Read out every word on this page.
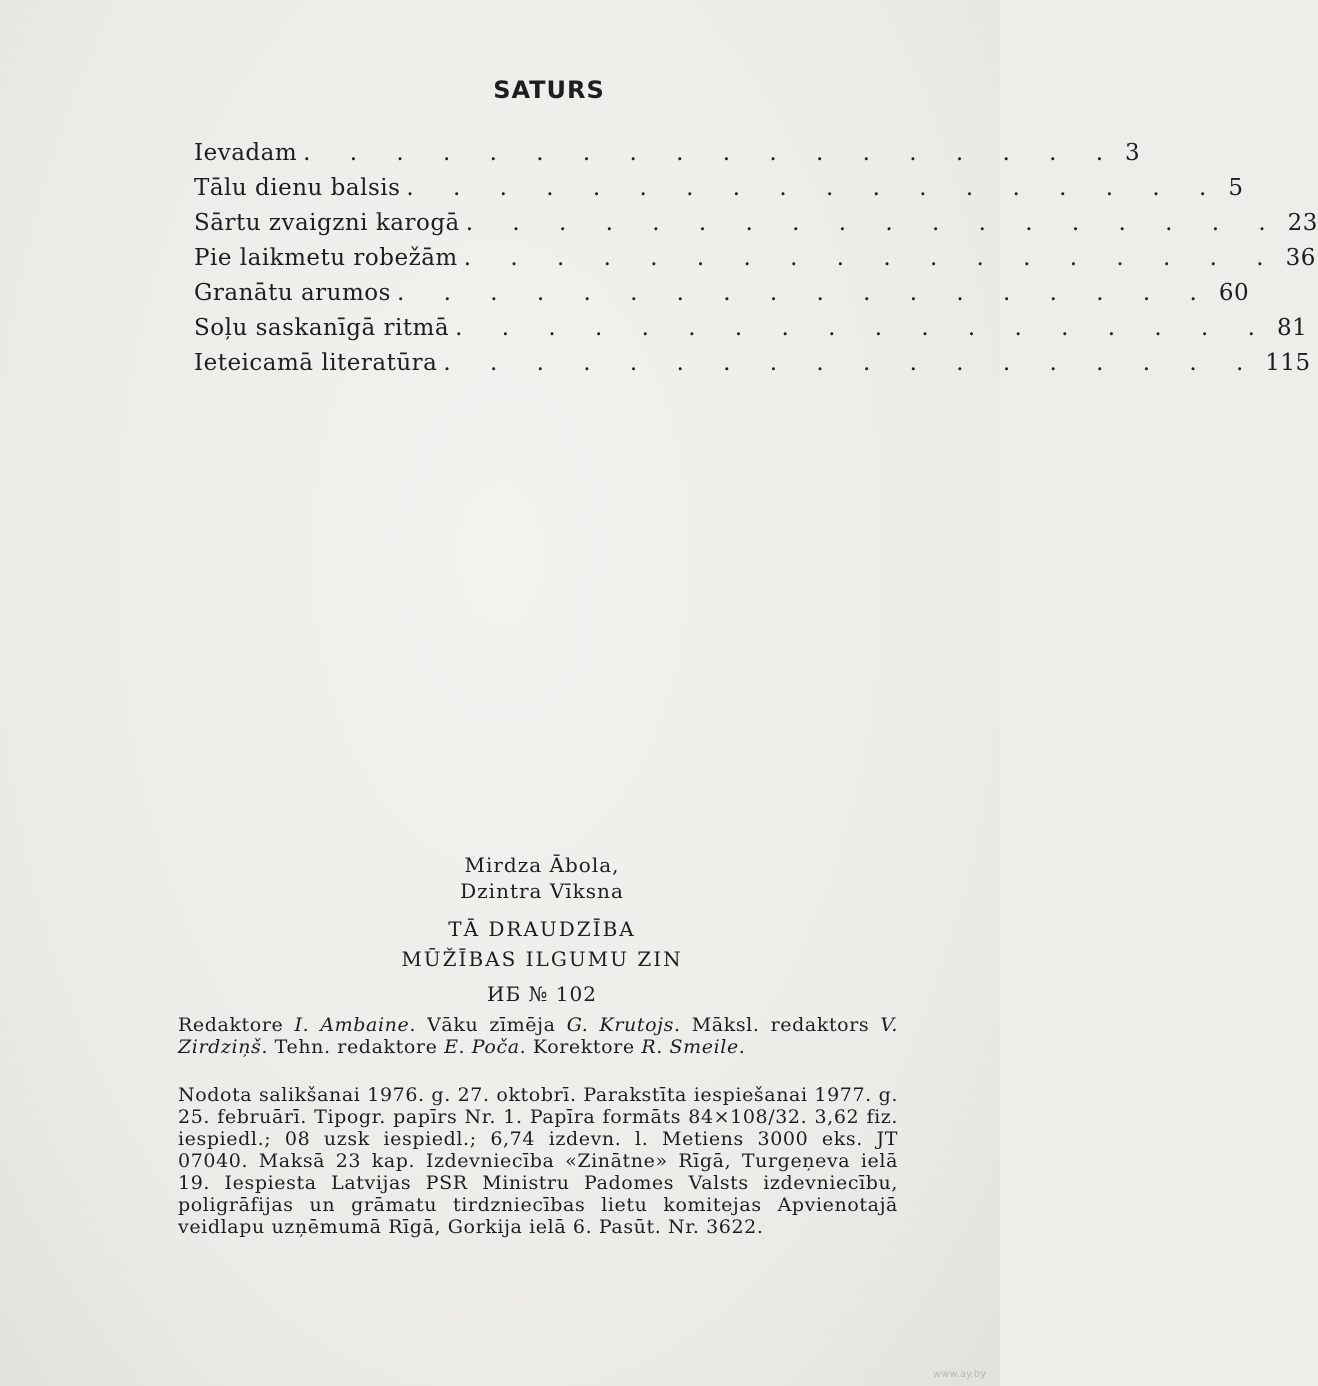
SATURS
Ievadam . . . . . . . . . . . . . . . . . . 3
Tālu dienu balsis . . . . . . . . . . . . . . . . . . 5
Sārtu zvaigzni karogā . . . . . . . . . . . . . . . . . . 23
Pie laikmetu robežām . . . . . . . . . . . . . . . . . . 36
Granātu arumos . . . . . . . . . . . . . . . . . . 60
Soļu saskanīgā ritmā . . . . . . . . . . . . . . . . . . 81
Ieteicamā literatūra . . . . . . . . . . . . . . . . . . 115
Mirdza Ābola,
Dzintra Vīksna
TĀ DRAUDZĪBA
MŪŽĪBAS ILGUMU ZIN
ИБ № 102
Redaktore I. Ambaine. Vāku zīmēja G. Krutojs. Māksl. redaktors V. Zirdziņš. Tehn. redaktore E. Poča. Korektore R. Smeile.
Nodota salikšanai 1976. g. 27. oktobrī. Parakstīta iespiešanai 1977. g. 25. februārī. Tipogr. papīrs Nr. 1. Papīra formāts 84×108/32. 3,62 fiz. iespiedl.; 08 uzsk iespiedl.; 6,74 izdevn. l. Metiens 3000 eks. JT 07040. Maksā 23 kap. Izdevniecība «Zinātne» Rīgā, Turgeņeva ielā 19. Iespiesta Latvijas PSR Ministru Padomes Valsts izdevniecību, poligrāfijas un grāmatu tirdzniecības lietu komitejas Apvienotajā veidlapu uzņēmumā Rīgā, Gorkija ielā 6. Pasūt. Nr. 3622.
www.ay.by
